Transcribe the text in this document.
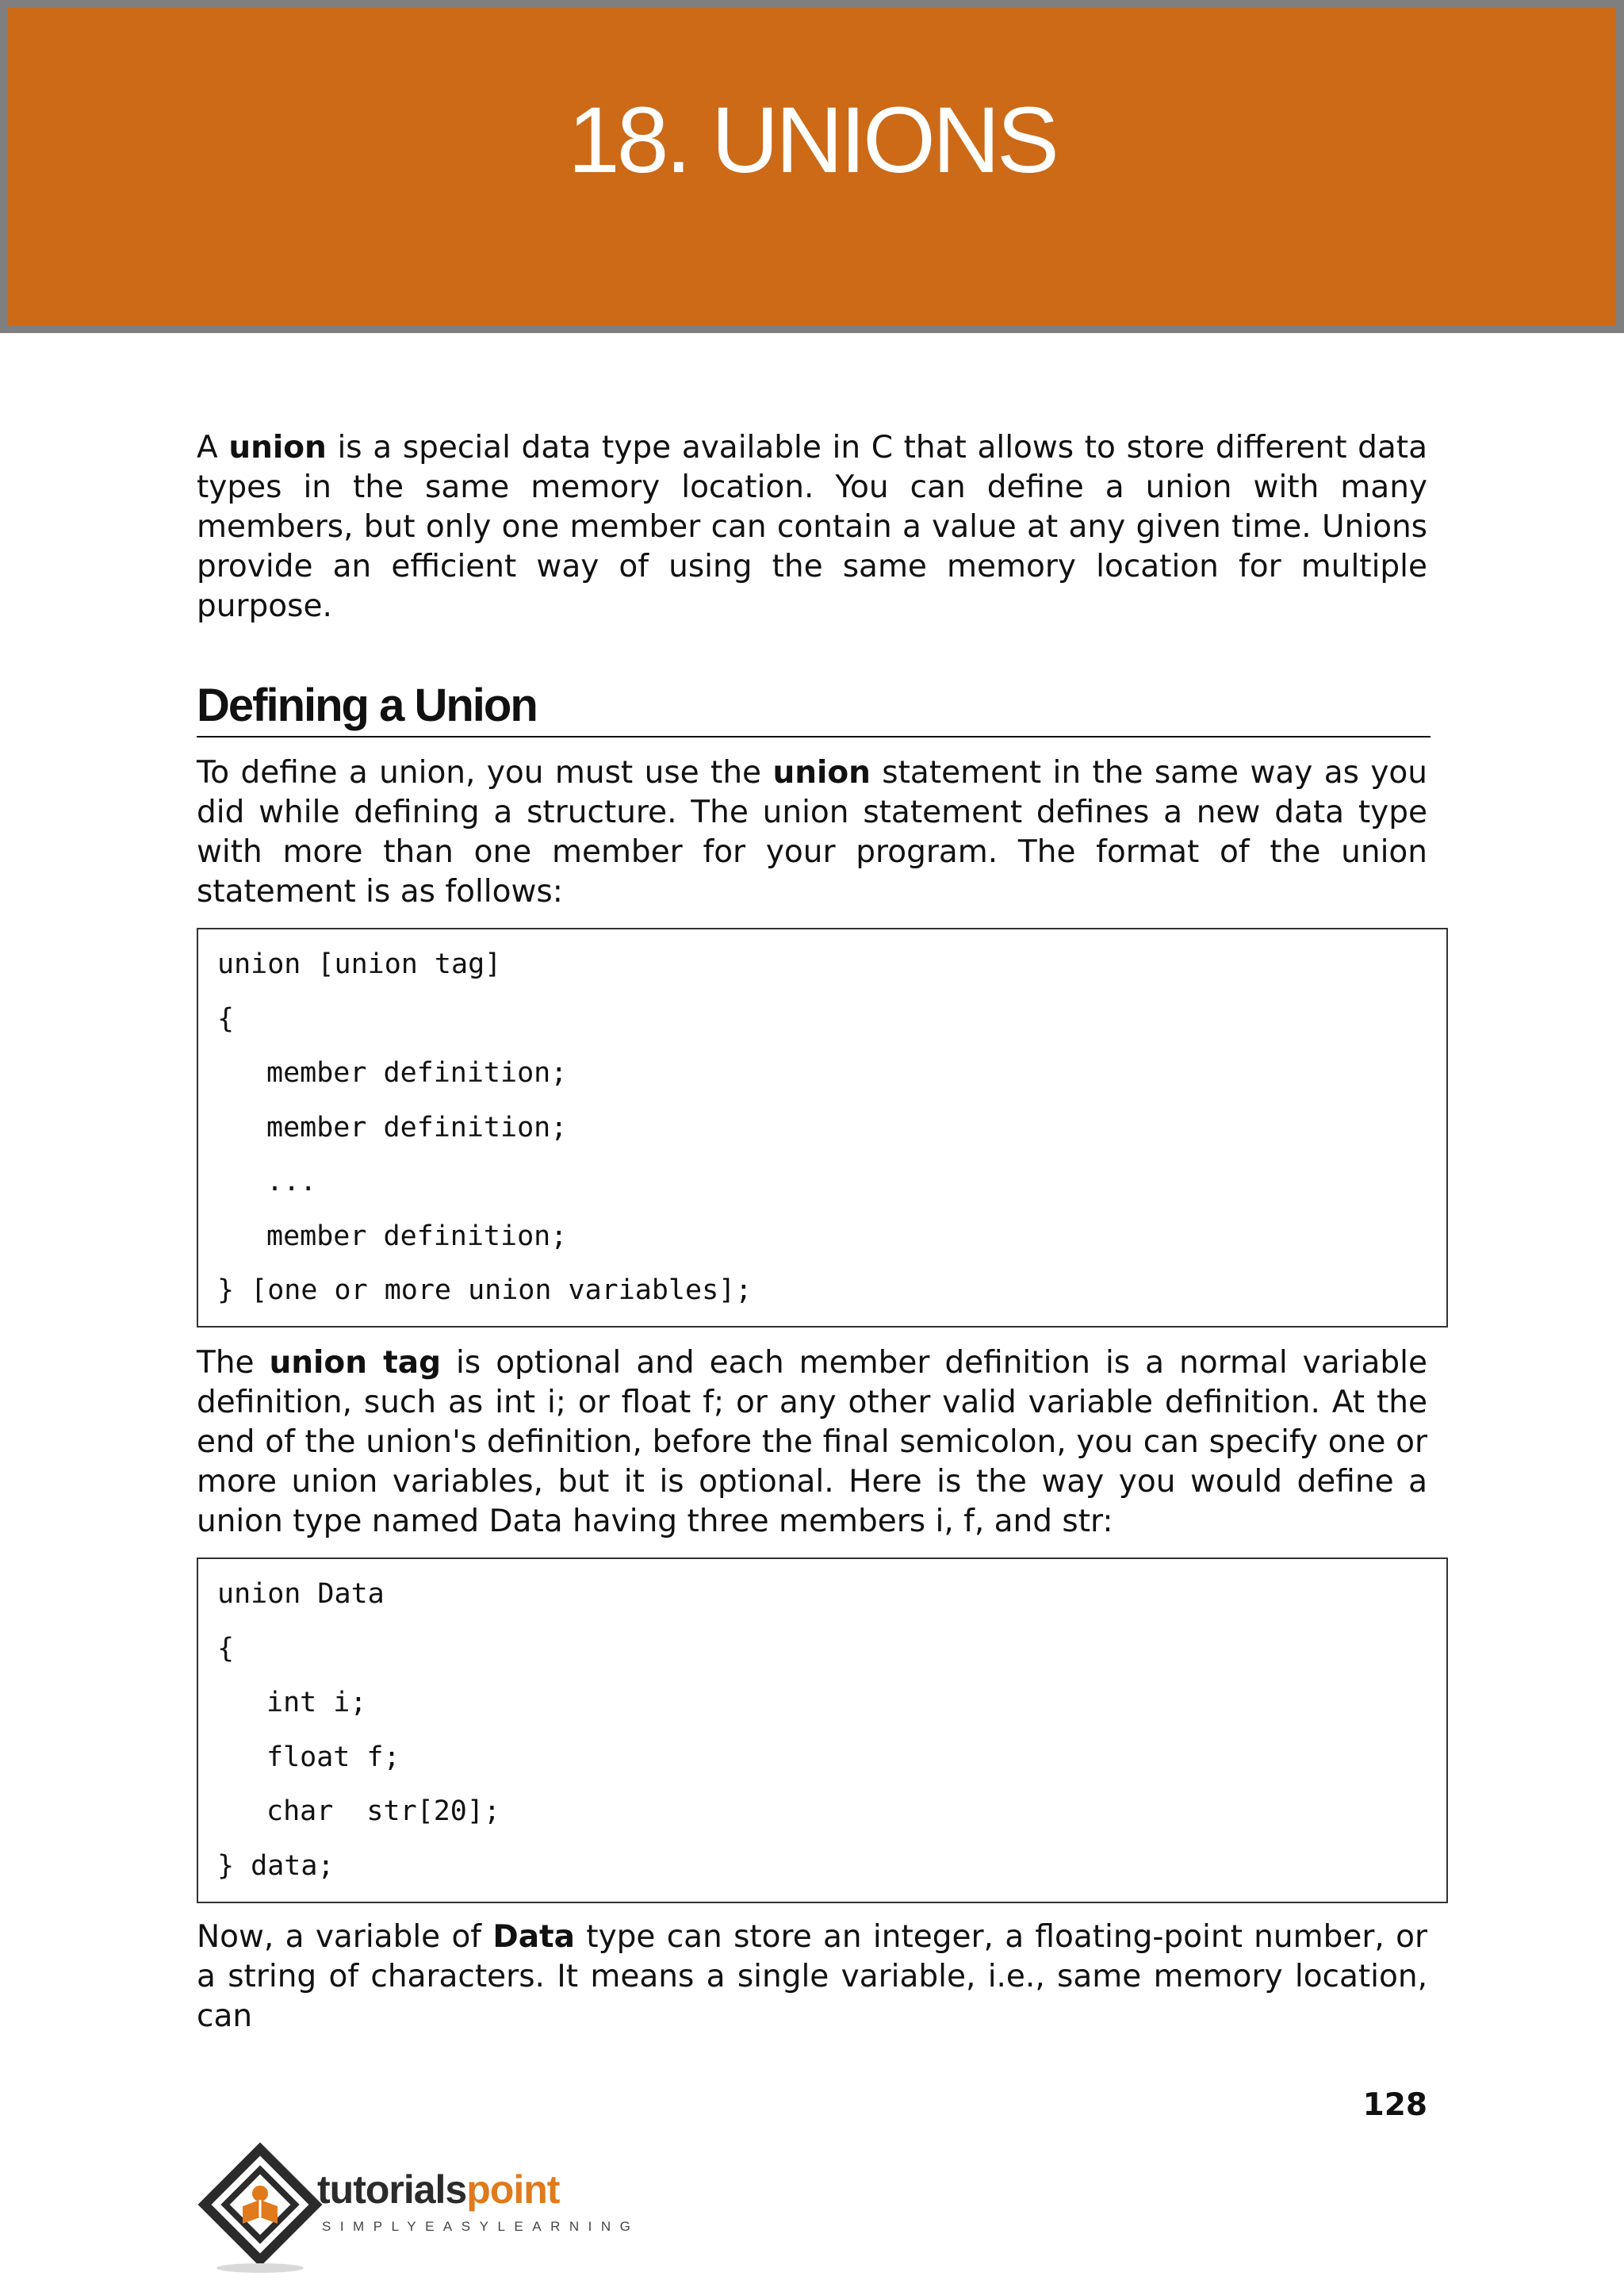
18. UNIONS

A union is a special data type available in C that allows to store different data types in the same memory location. You can define a union with many members, but only one member can contain a value at any given time. Unions provide an efficient way of using the same memory location for multiple purpose.

Defining a Union

To define a union, you must use the union statement in the same way as you did while defining a structure. The union statement defines a new data type with more than one member for your program. The format of the union statement is as follows:

union [union tag]
{
member definition;
member definition;
...
member definition;
} [one or more union variables];

The union tag is optional and each member definition is a normal variable definition, such as int i; or float f; or any other valid variable definition. At the end of the union's definition, before the final semicolon, you can specify one or more union variables, but it is optional. Here is the way you would define a union type named Data having three members i, f, and str:

union Data
{
int i;
float f;
char  str[20];
} data;

Now, a variable of Data type can store an integer, a floating-point number, or a string of characters. It means a single variable, i.e., same memory location, can

128
tutorialspoint
SIMPLYEASYLEARNING
